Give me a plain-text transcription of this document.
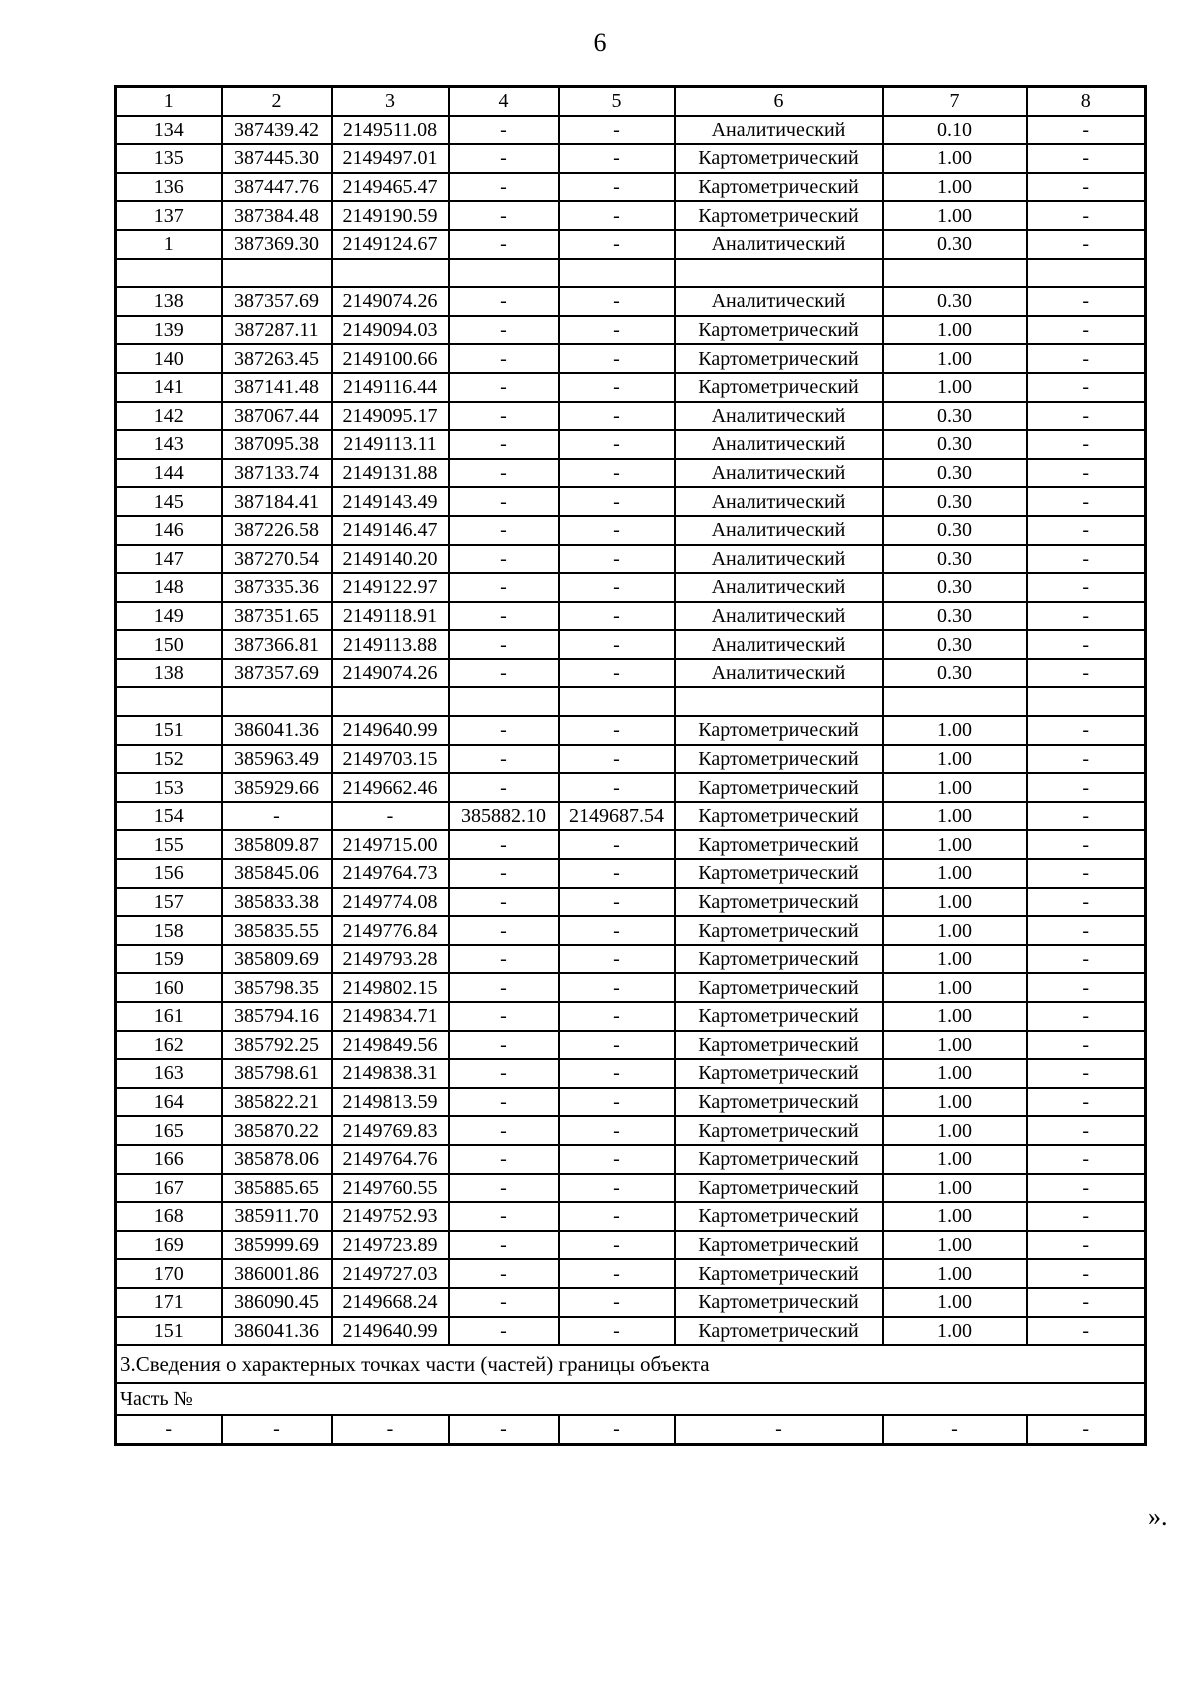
6
1	2	3	4	5	6	7	8
134	387439.42	2149511.08	-	-	Аналитический	0.10	-
135	387445.30	2149497.01	-	-	Картометрический	1.00	-
136	387447.76	2149465.47	-	-	Картометрический	1.00	-
137	387384.48	2149190.59	-	-	Картометрический	1.00	-
1	387369.30	2149124.67	-	-	Аналитический	0.30	-

138	387357.69	2149074.26	-	-	Аналитический	0.30	-
139	387287.11	2149094.03	-	-	Картометрический	1.00	-
140	387263.45	2149100.66	-	-	Картометрический	1.00	-
141	387141.48	2149116.44	-	-	Картометрический	1.00	-
142	387067.44	2149095.17	-	-	Аналитический	0.30	-
143	387095.38	2149113.11	-	-	Аналитический	0.30	-
144	387133.74	2149131.88	-	-	Аналитический	0.30	-
145	387184.41	2149143.49	-	-	Аналитический	0.30	-
146	387226.58	2149146.47	-	-	Аналитический	0.30	-
147	387270.54	2149140.20	-	-	Аналитический	0.30	-
148	387335.36	2149122.97	-	-	Аналитический	0.30	-
149	387351.65	2149118.91	-	-	Аналитический	0.30	-
150	387366.81	2149113.88	-	-	Аналитический	0.30	-
138	387357.69	2149074.26	-	-	Аналитический	0.30	-

151	386041.36	2149640.99	-	-	Картометрический	1.00	-
152	385963.49	2149703.15	-	-	Картометрический	1.00	-
153	385929.66	2149662.46	-	-	Картометрический	1.00	-
154	-	-	385882.10	2149687.54	Картометрический	1.00	-
155	385809.87	2149715.00	-	-	Картометрический	1.00	-
156	385845.06	2149764.73	-	-	Картометрический	1.00	-
157	385833.38	2149774.08	-	-	Картометрический	1.00	-
158	385835.55	2149776.84	-	-	Картометрический	1.00	-
159	385809.69	2149793.28	-	-	Картометрический	1.00	-
160	385798.35	2149802.15	-	-	Картометрический	1.00	-
161	385794.16	2149834.71	-	-	Картометрический	1.00	-
162	385792.25	2149849.56	-	-	Картометрический	1.00	-
163	385798.61	2149838.31	-	-	Картометрический	1.00	-
164	385822.21	2149813.59	-	-	Картометрический	1.00	-
165	385870.22	2149769.83	-	-	Картометрический	1.00	-
166	385878.06	2149764.76	-	-	Картометрический	1.00	-
167	385885.65	2149760.55	-	-	Картометрический	1.00	-
168	385911.70	2149752.93	-	-	Картометрический	1.00	-
169	385999.69	2149723.89	-	-	Картометрический	1.00	-
170	386001.86	2149727.03	-	-	Картометрический	1.00	-
171	386090.45	2149668.24	-	-	Картометрический	1.00	-
151	386041.36	2149640.99	-	-	Картометрический	1.00	-
3.Сведения о характерных точках части (частей) границы объекта							
Часть №							
-	-	-	-	-	-	-	-
».
